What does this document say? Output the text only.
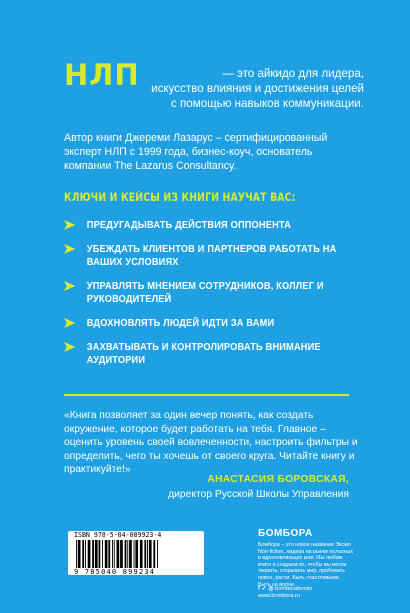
НЛП	— это айкидо для лидера,
искусство влияния и достижения целей
с помощью навыков коммуникации.
Автор книги Джереми Лазарус – сертифицированный эксперт НЛП с 1999 года, бизнес-коуч, основатель компании The Lazarus Consultancy.
КЛЮЧИ И КЕЙСЫ ИЗ КНИГИ НАУЧАТ ВАС:
ПРЕДУГАДЫВАТЬ ДЕЙСТВИЯ ОППОНЕНТА
УБЕЖДАТЬ КЛИЕНТОВ И ПАРТНЕРОВ РАБОТАТЬ НА ВАШИХ УСЛОВИЯХ
УПРАВЛЯТЬ МНЕНИЕМ СОТРУДНИКОВ, КОЛЛЕГ И РУКОВОДИТЕЛЕЙ
ВДОХНОВЛЯТЬ ЛЮДЕЙ ИДТИ ЗА ВАМИ
ЗАХВАТЫВАТЬ И КОНТРОЛИРОВАТЬ ВНИМАНИЕ АУДИТОРИИ
«Книга позволяет за один вечер понять, как создать окружение, которое будет работать на тебя. Главное – оценить уровень своей вовлеченности, настроить фильтры и определить, чего ты хочешь от своего круга. Читайте книгу и практикуйте!»
АНАСТАСИЯ БОРОВСКАЯ,
директор Русской Школы Управления
ISBN 978-5-04-089923-4
9 785040 899234
БОМБОРА
Бомбора – это новое название Эксмо Non-fiction, лидера на рынке полезных и вдохновляющих книг. Мы любим книги и создаем их, чтобы вы могли творить, открывать мир, пробовать новое, расти. Быть счастливыми. Быть на волне.
f ✓ ◎ bomborabooks
www.bombora.ru
